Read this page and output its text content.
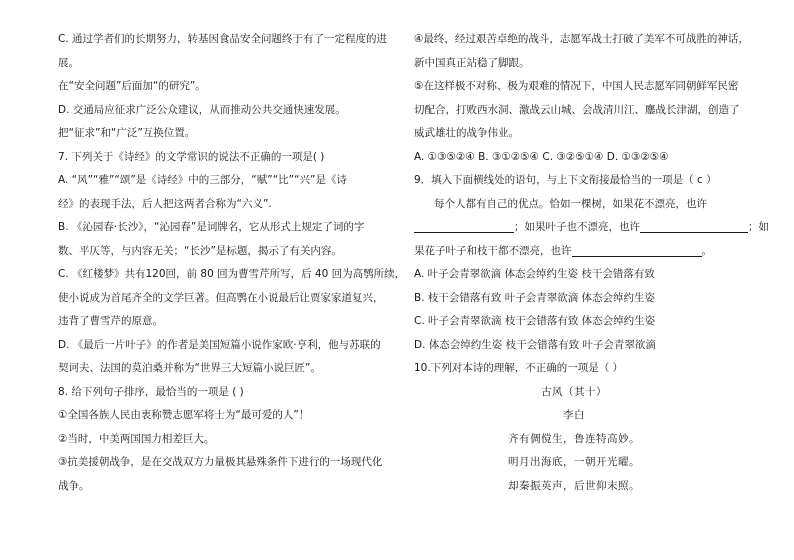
C. 通过学者们的长期努力，转基因食品安全问题终于有了一定程度的进
展。
在“安全问题”后面加“的研究”。
D. 交通局应征求广泛公众建议，从而推动公共交通快速发展。
把“征求”和“广泛”互换位置。
7. 下列关于《诗经》的文学常识的说法不正确的一项是( )
A. “风”“雅”“颂”是《诗经》中的三部分，“赋”“比”“兴”是《诗
经》的表现手法，后人把这两者合称为“六义”.
B. 《沁园春·长沙》，“沁园春”是词牌名，它从形式上规定了词的字
数、平仄等，与内容无关；“长沙”是标题，揭示了有关内容。
C. 《红楼梦》共有120回，前 80 回为曹雪芹所写，后 40 回为高鹗所续，
使小说成为首尾齐全的文学巨著。但高鹗在小说最后让贾家家道复兴，
违背了曹雪芹的原意。
D. 《最后一片叶子》的作者是美国短篇小说作家欧·亨利，他与苏联的
契诃夫、法国的莫泊桑并称为“世界三大短篇小说巨匠”。
8. 给下列句子排序，最恰当的一项是 ( )
①全国各族人民由衷称赞志愿军将士为“最可爱的人”！
②当时，中美两国国力相差巨大。
③抗美援朝战争，是在交战双方力量极其悬殊条件下进行的一场现代化
战争。
④最终，经过艰苦卓绝的战斗，志愿军战士打破了美军不可战胜的神话，
新中国真正站稳了脚跟。
⑤在这样极不对称、极为艰难的情况下，中国人民志愿军同朝鲜军民密
切配合，打败西水洞、激战云山城、会战清川江、鏖战长津湖，创造了
威武雄壮的战争伟业。
A. ①③⑤②④ B. ③①②⑤④ C. ③②⑤①④ D. ①③②⑤④
9．填入下面横线处的语句，与上下文衔接最恰当的一项是（ c ）
每个人都有自己的优点。恰如一棵树，如果花不漂亮，也许
；如果叶子也不漂亮，也许	；如
果花子叶子和枝干都不漂亮，也许	。
A. 叶子会青翠欲滴 体态会绰约生姿 枝干会错落有致
B. 枝干会错落有致 叶子会青翠欲滴 体态会绰约生姿
C. 叶子会青翠欲滴 枝干会错落有致 体态会绰约生姿
D. 体态会绰约生姿 枝干会错落有致 叶子会青翠欲滴
10.下列对本诗的理解，不正确的一项是（ ）
古风（其十）
李白
齐有倜傥生，鲁连特高妙。
明月出海底，一朝开光曜。
却秦振英声，后世仰末照。
